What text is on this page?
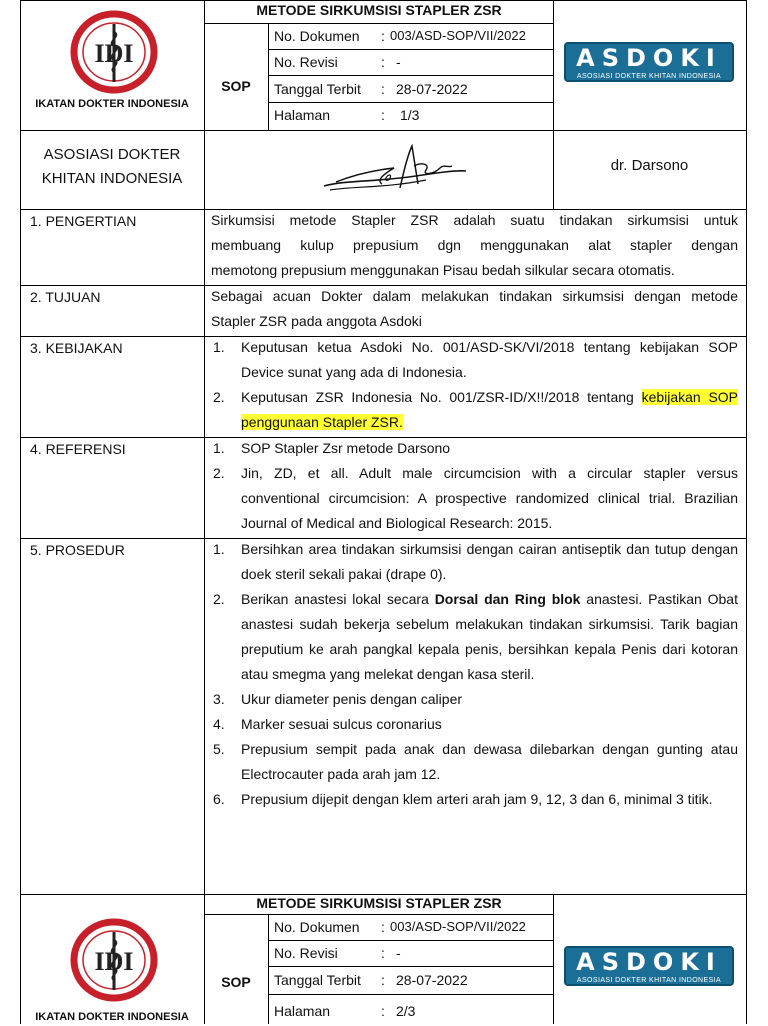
IDI
IKATAN DOKTER INDONESIA
METODE SIRKUMSISI STAPLER ZSR
SOP
No. Dokumen : 003/ASD-SOP/VII/2022
No. Revisi	: -
Tanggal Terbit : 28-07-2022
Halaman	: 1/3
ASDOKI
ASOSIASI DOKTER KHITAN INDONESIA
ASOSIASI DOKTER
KHITAN INDONESIA
dr. Darsono
1. PENGERTIAN	Sirkumsisi metode Stapler ZSR adalah suatu tindakan sirkumsisi untuk
membuang kulup prepusium dgn menggunakan alat stapler dengan
memotong prepusium menggunakan Pisau bedah silkular secara otomatis.
2. TUJUAN	Sebagai acuan Dokter dalam melakukan tindakan sirkumsisi dengan metode
Stapler ZSR pada anggota Asdoki
3. KEBIJAKAN	1. Keputusan ketua Asdoki No. 001/ASD-SK/VI/2018 tentang kebijakan SOP Device sunat yang ada di Indonesia.
2. Keputusan ZSR Indonesia No. 001/ZSR-ID/X!!/2018 tentang kebijakan SOP penggunaan Stapler ZSR.
4. REFERENSI	1. SOP Stapler Zsr metode Darsono
2. Jin, ZD, et all. Adult male circumcision with a circular stapler versus conventional circumcision: A prospective randomized clinical trial. Brazilian Journal of Medical and Biological Research: 2015.
5. PROSEDUR	1. Bersihkan area tindakan sirkumsisi dengan cairan antiseptik dan tutup dengan doek steril sekali pakai (drape 0).
2. Berikan anastesi lokal secara Dorsal dan Ring blok anastesi. Pastikan Obat anastesi sudah bekerja sebelum melakukan tindakan sirkumsisi. Tarik bagian preputium ke arah pangkal kepala penis, bersihkan kepala Penis dari kotoran atau smegma yang melekat dengan kasa steril.
3. Ukur diameter penis dengan caliper
4. Marker sesuai sulcus coronarius
5. Prepusium sempit pada anak dan dewasa dilebarkan dengan gunting atau Electrocauter pada arah jam 12.
6. Prepusium dijepit dengan klem arteri arah jam 9, 12, 3 dan 6, minimal 3 titik.
IDI
IKATAN DOKTER INDONESIA
METODE SIRKUMSISI STAPLER ZSR
SOP
No. Dokumen : 003/ASD-SOP/VII/2022
No. Revisi	: -
Tanggal Terbit : 28-07-2022
Halaman	: 2/3
ASDOKI
ASOSIASI DOKTER KHITAN INDONESIA
